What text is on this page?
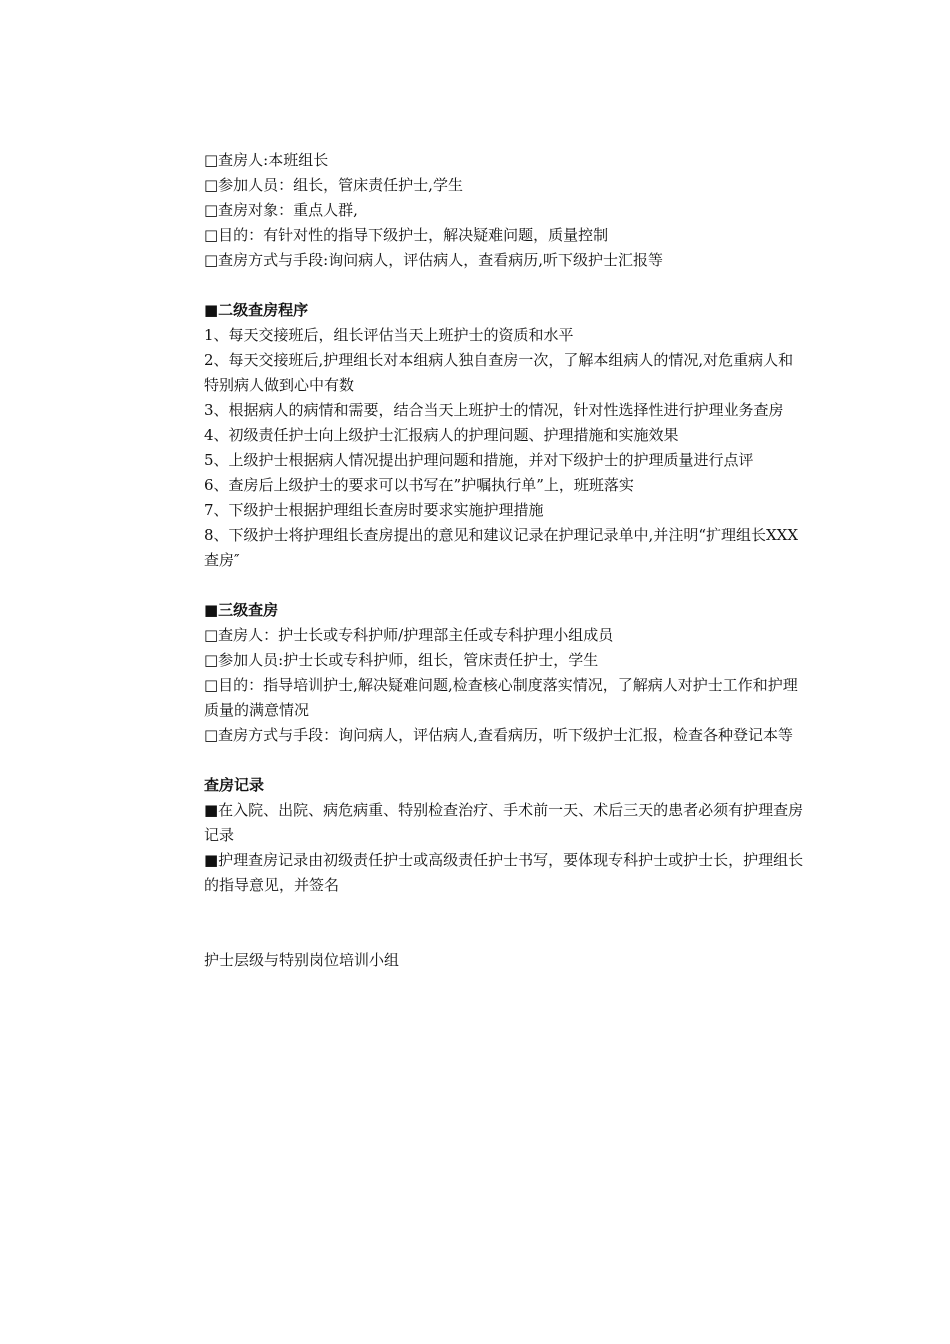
□查房人:本班组长

□参加人员：组长，管床责任护士,学生

□查房对象：重点人群,

□目的：有针对性的指导下级护士，解决疑难问题，质量控制

□查房方式与手段:询问病人，评估病人，查看病历,听下级护士汇报等

■二级查房程序

1、每天交接班后，组长评估当天上班护士的资质和水平

2、每天交接班后,护理组长对本组病人独自查房一次，了解本组病人的情况,对危重病人和特别病人做到心中有数

3、根据病人的病情和需要，结合当天上班护士的情况，针对性选择性进行护理业务查房

4、初级责任护士向上级护士汇报病人的护理问题、护理措施和实施效果

5、上级护士根据病人情况提出护理问题和措施，并对下级护士的护理质量进行点评

6、查房后上级护士的要求可以书写在”护嘱执行单”上，班班落实

7、下级护士根据护理组长查房时要求实施护理措施

8、下级护士将护理组长查房提出的意见和建议记录在护理记录单中,并注明“扩理组长XXX查房″

■三级查房

□查房人：护士长或专科护师/护理部主任或专科护理小组成员

□参加人员:护士长或专科护师，组长，管床责任护士，学生

□目的：指导培训护士,解决疑难问题,检查核心制度落实情况，了解病人对护士工作和护理质量的满意情况

□查房方式与手段：询问病人，评估病人,查看病历，听下级护士汇报，检查各种登记本等

查房记录

■在入院、出院、病危病重、特别检查治疗、手术前一天、术后三天的患者必须有护理查房记录

■护理查房记录由初级责任护士或高级责任护士书写，要体现专科护士或护士长，护理组长的指导意见，并签名

护士层级与特别岗位培训小组
